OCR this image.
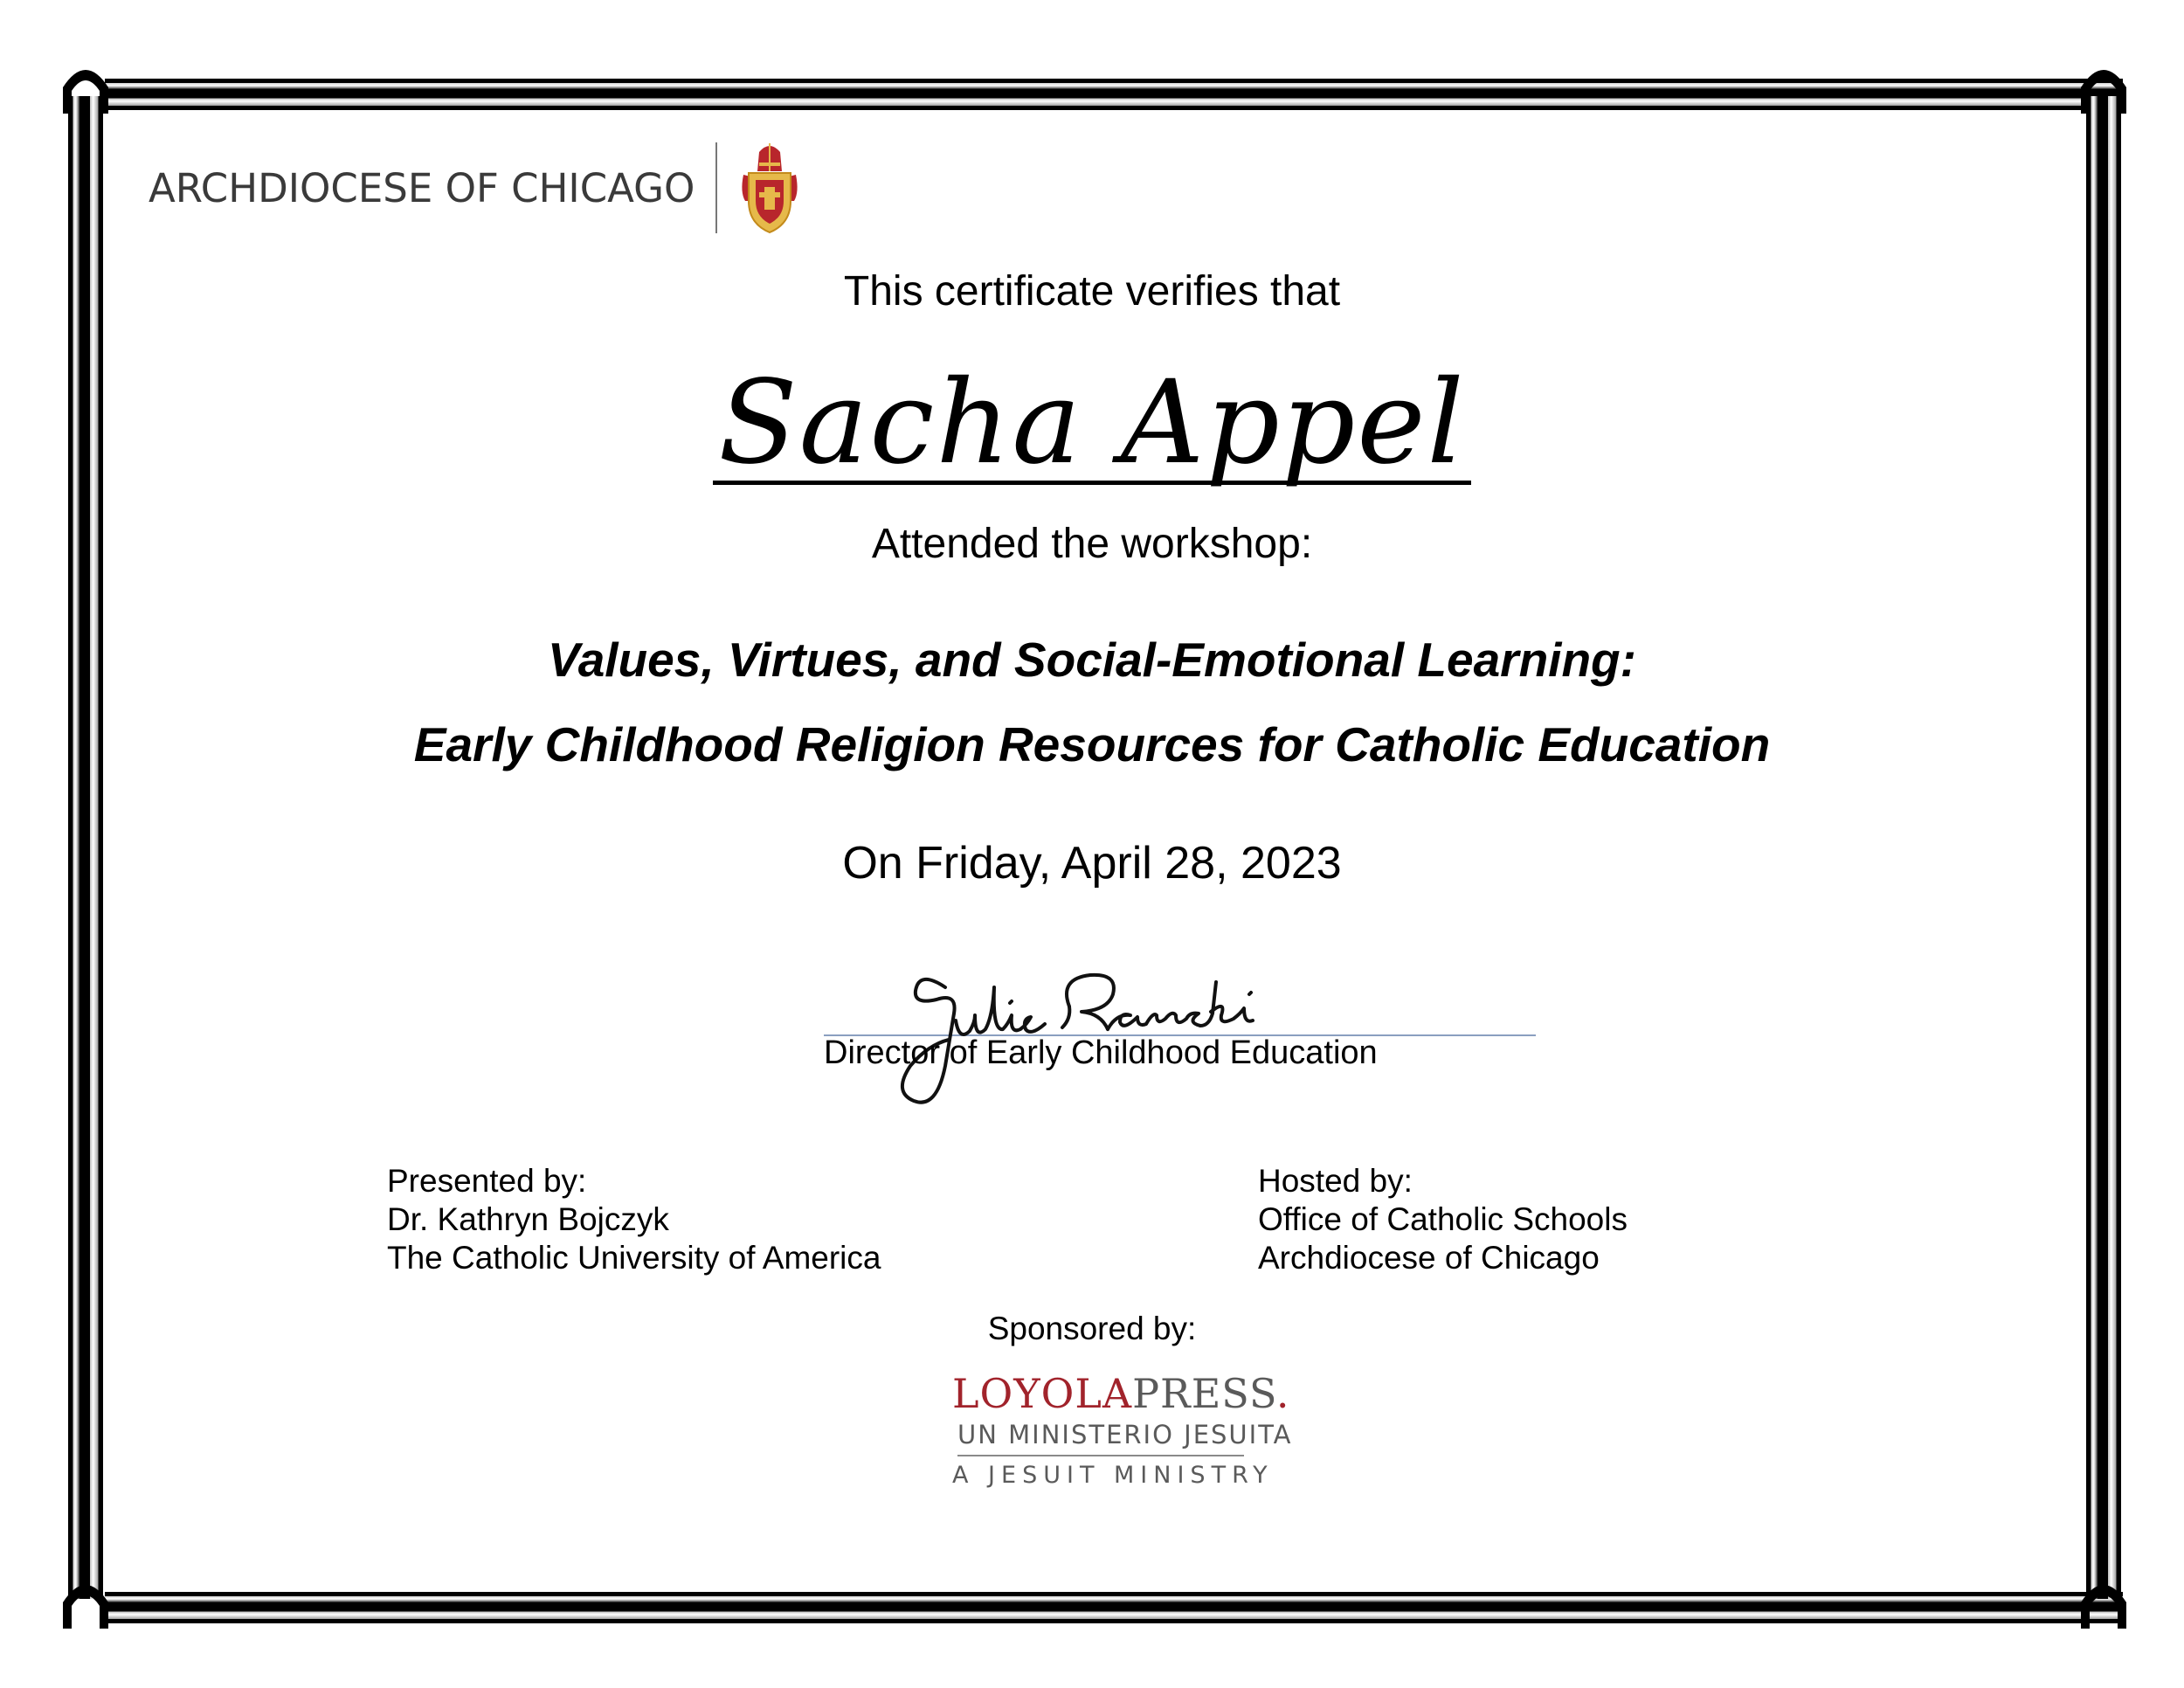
ARCHDIOCESE OF CHICAGO
This certificate verifies that
Sacha Appel
Attended the workshop:
Values, Virtues, and Social-Emotional Learning:
Early Childhood Religion Resources for Catholic Education
On Friday, April 28, 2023
Director of Early Childhood Education
Presented by:
Dr. Kathryn Bojczyk
The Catholic University of America
Hosted by:
Office of Catholic Schools
Archdiocese of Chicago
Sponsored by:
LOYOLAPRESS.
UN MINISTERIO JESUITA
A JESUIT MINISTRY
